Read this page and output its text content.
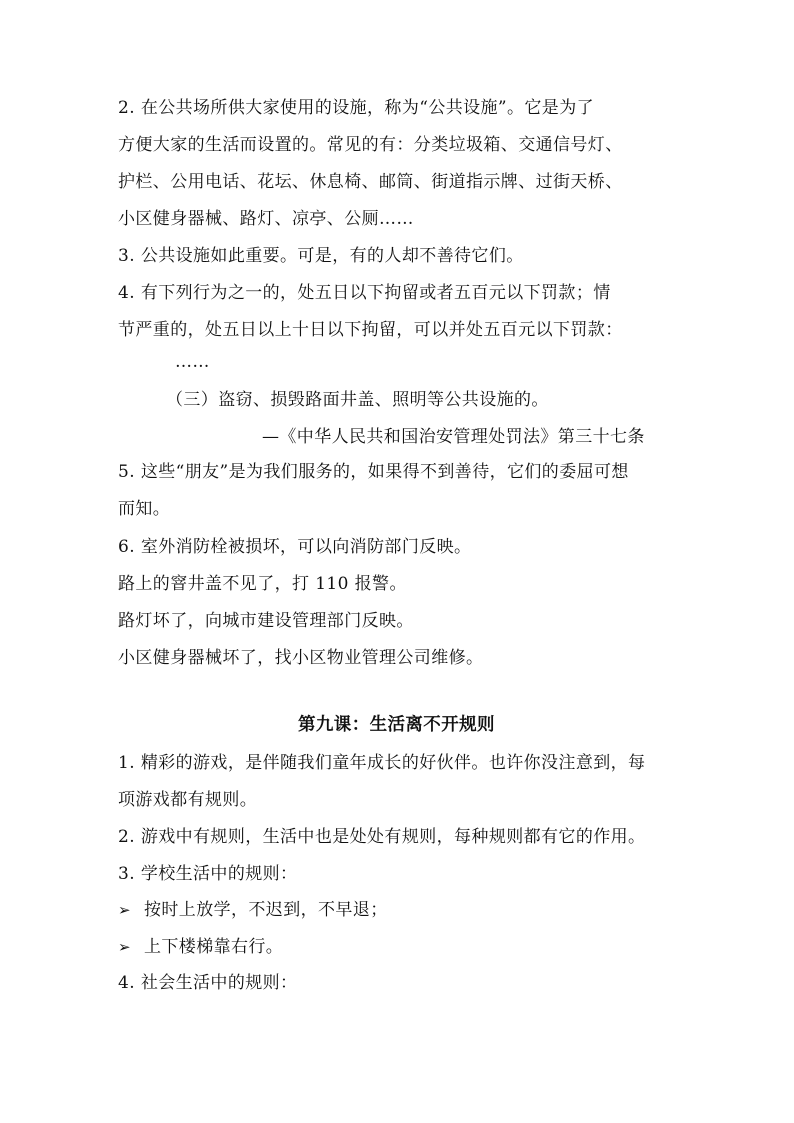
2. 在公共场所供大家使用的设施，称为“公共设施”。它是为了
方便大家的生活而设置的。常见的有：分类垃圾箱、交通信号灯、
护栏、公用电话、花坛、休息椅、邮筒、街道指示牌、过街天桥、
小区健身器械、路灯、凉亭、公厕……
3. 公共设施如此重要。可是，有的人却不善待它们。
4. 有下列行为之一的，处五日以下拘留或者五百元以下罚款；情
节严重的，处五日以上十日以下拘留，可以并处五百元以下罚款：
……
（三）盗窃、损毁路面井盖、照明等公共设施的。
—《中华人民共和国治安管理处罚法》第三十七条
5. 这些“朋友”是为我们服务的，如果得不到善待，它们的委屈可想
而知。
6. 室外消防栓被损坏，可以向消防部门反映。
路上的窨井盖不见了，打 110 报警。
路灯坏了，向城市建设管理部门反映。
小区健身器械坏了，找小区物业管理公司维修。
第九课：生活离不开规则
1. 精彩的游戏，是伴随我们童年成长的好伙伴。也许你没注意到，每
项游戏都有规则。
2. 游戏中有规则，生活中也是处处有规则，每种规则都有它的作用。
3. 学校生活中的规则：
➢ 按时上放学，不迟到，不早退；
➢ 上下楼梯靠右行。
4. 社会生活中的规则：
